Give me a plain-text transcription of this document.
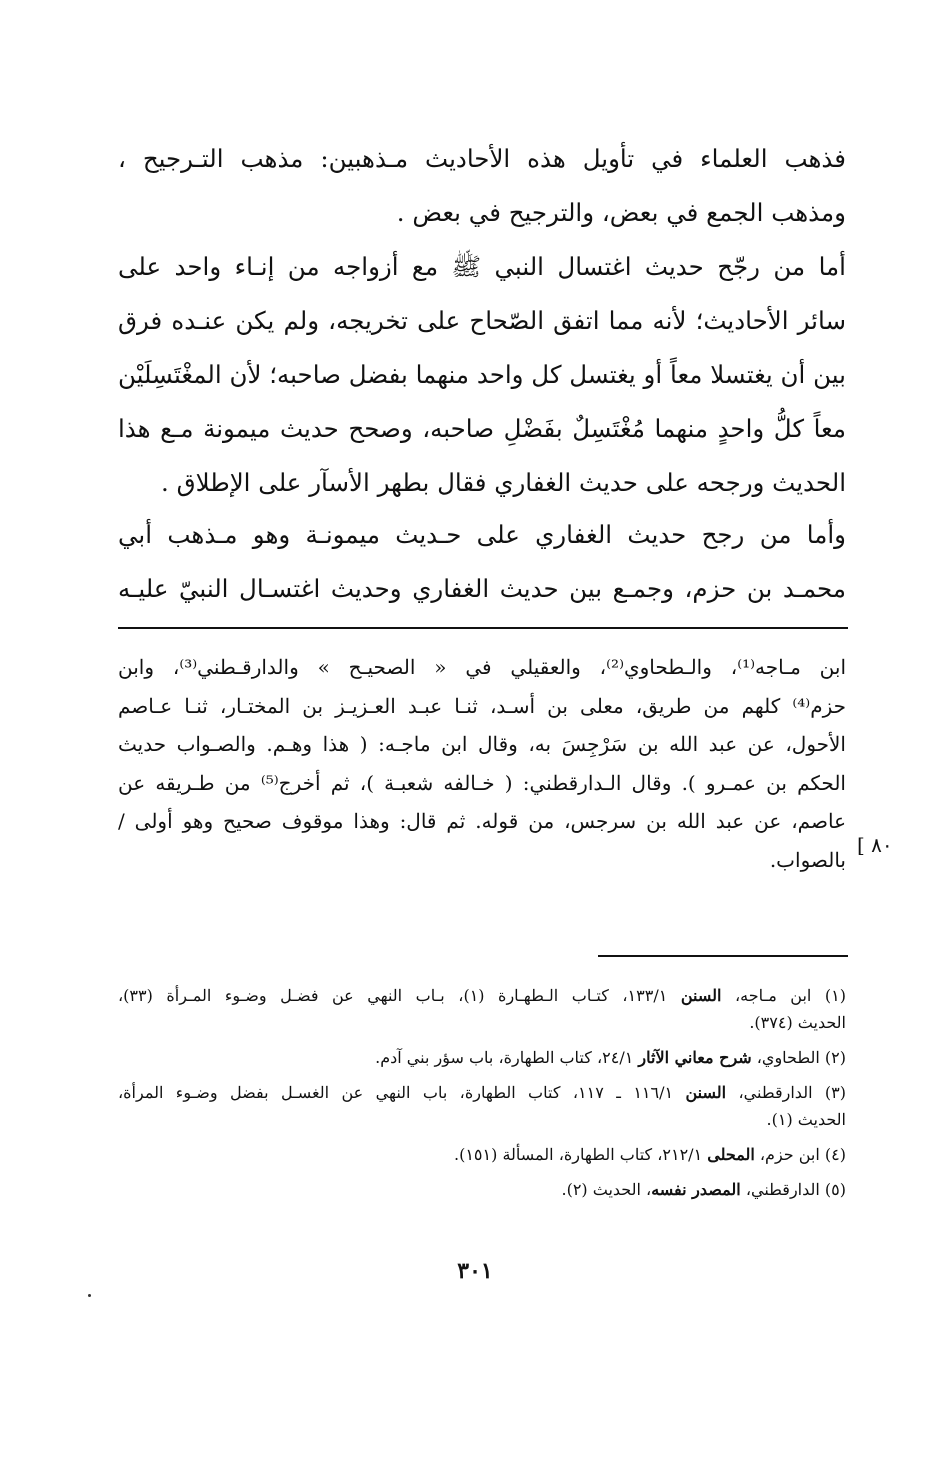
فذهب العلماء في تأويل هذه الأحاديث مـذهبين: مذهب التـرجيح ،
ومذهب الجمع في بعض، والترجيح في بعض .
أما من رجّح حديث اغتسال النبي ﷺ مع أزواجه من إنـاء واحد على
سائر الأحاديث؛ لأنه مما اتفق الصّحاح على تخريجه، ولم يكن عنـده فرق
بين أن يغتسلا معاً أو يغتسل كل واحد منهما بفضل صاحبه؛ لأن المغْتَسِلَيْن
معاً كلُّ واحدٍ منهما مُغْتَسِلٌ بفَضْلِ صاحبه، وصحح حديث ميمونة مـع هذا
الحديث ورجحه على حديث الغفاري فقال بطهر الأسآر على الإطلاق .
وأما من رجح حديث الغفاري على حـديث ميمونـة وهو مـذهب أبي
محمـد بن حزم، وجمـع بين حديث الغفاري وحديث اغتسـال النبيّ عليـه
ابن مـاجه⁽¹⁾، والـطحاوي⁽²⁾، والعقيلي في « الصحيـح » والدارقـطني⁽³⁾، وابن
حزم⁽⁴⁾ كلهم من طريق، معلى بن أسـد، ثنـا عبـد العـزيـز بن المختـار، ثنـا عـاصم
الأحول، عن عبد الله بن سَرْجِسَ به، وقال ابن ماجـه: ( هذا وهـم. والصـواب حديث
الحكم بن عمـرو ). وقال الـدارقطني: ( خـالفه شعبـة )، ثم أخرج⁽⁵⁾ من طـريقه عن
عاصم، عن عبد الله بن سرجس، من قوله. ثم قال: وهذا موقوف صحيح وهو أولى /
بالصواب.
[ ٨٠
(١) ابن مـاجه، السنن ١٣٣/١، كتـاب الـطهـارة (١)، بـاب النهي عن فضـل وضـوء المـرأة (٣٣)،
الحديث (٣٧٤).
(٢) الطحاوي، شرح معاني الآثار ٢٤/١، كتاب الطهارة، باب سؤر بني آدم.
(٣) الدارقطني، السنن ١١٦/١ ـ ١١٧، كتاب الطهارة، باب النهي عن الغسـل بفضل وضـوء المرأة،
الحديث (١).
(٤) ابن حزم، المحلى ٢١٢/١، كتاب الطهارة، المسألة (١٥١).
(٥) الدارقطني، المصدر نفسه، الحديث (٢).
٣٠١
